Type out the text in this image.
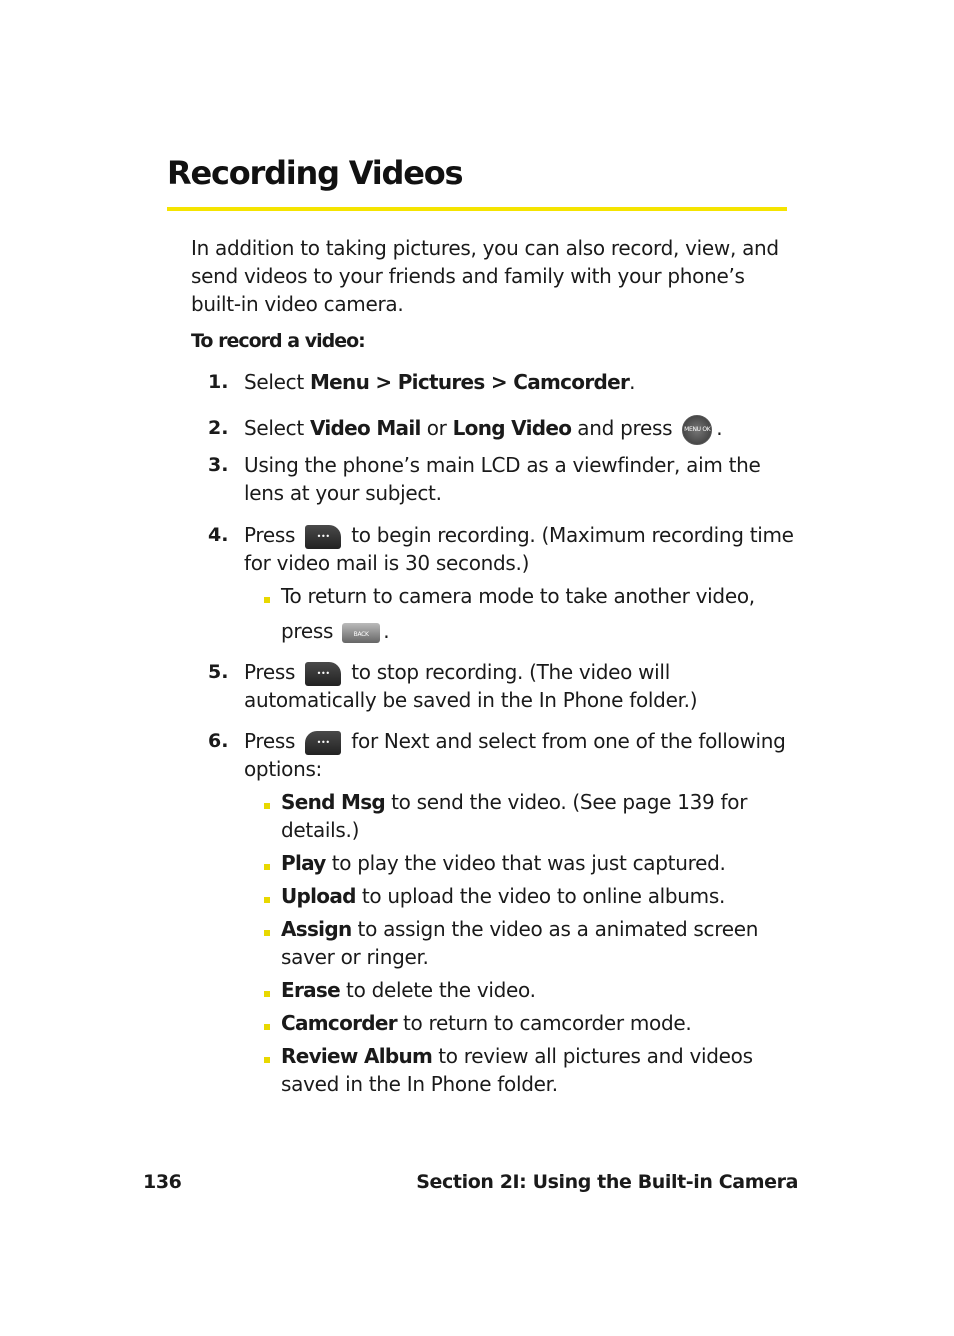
Recording Videos

In addition to taking pictures, you can also record, view, and

send videos to your friends and family with your phone’s

built-in video camera.

To record a video:

1. Select Menu > Pictures > Camcorder.

2. Select Video Mail or Long Video and press MENU OK .

3. Using the phone’s main LCD as a viewfinder, aim the

lens at your subject.

4. Press ••• to begin recording. (Maximum recording time

for video mail is 30 seconds.)

To return to camera mode to take another video,

press BACK .

5. Press ••• to stop recording. (The video will

automatically be saved in the In Phone folder.)

6. Press ••• for Next and select from one of the following

options:

Send Msg to send the video. (See page 139 for

details.)

Play to play the video that was just captured.

Upload to upload the video to online albums.

Assign to assign the video as a animated screen

saver or ringer.

Erase to delete the video.

Camcorder to return to camcorder mode.

Review Album to review all pictures and videos

saved in the In Phone folder.

136	Section 2I: Using the Built-in Camera
